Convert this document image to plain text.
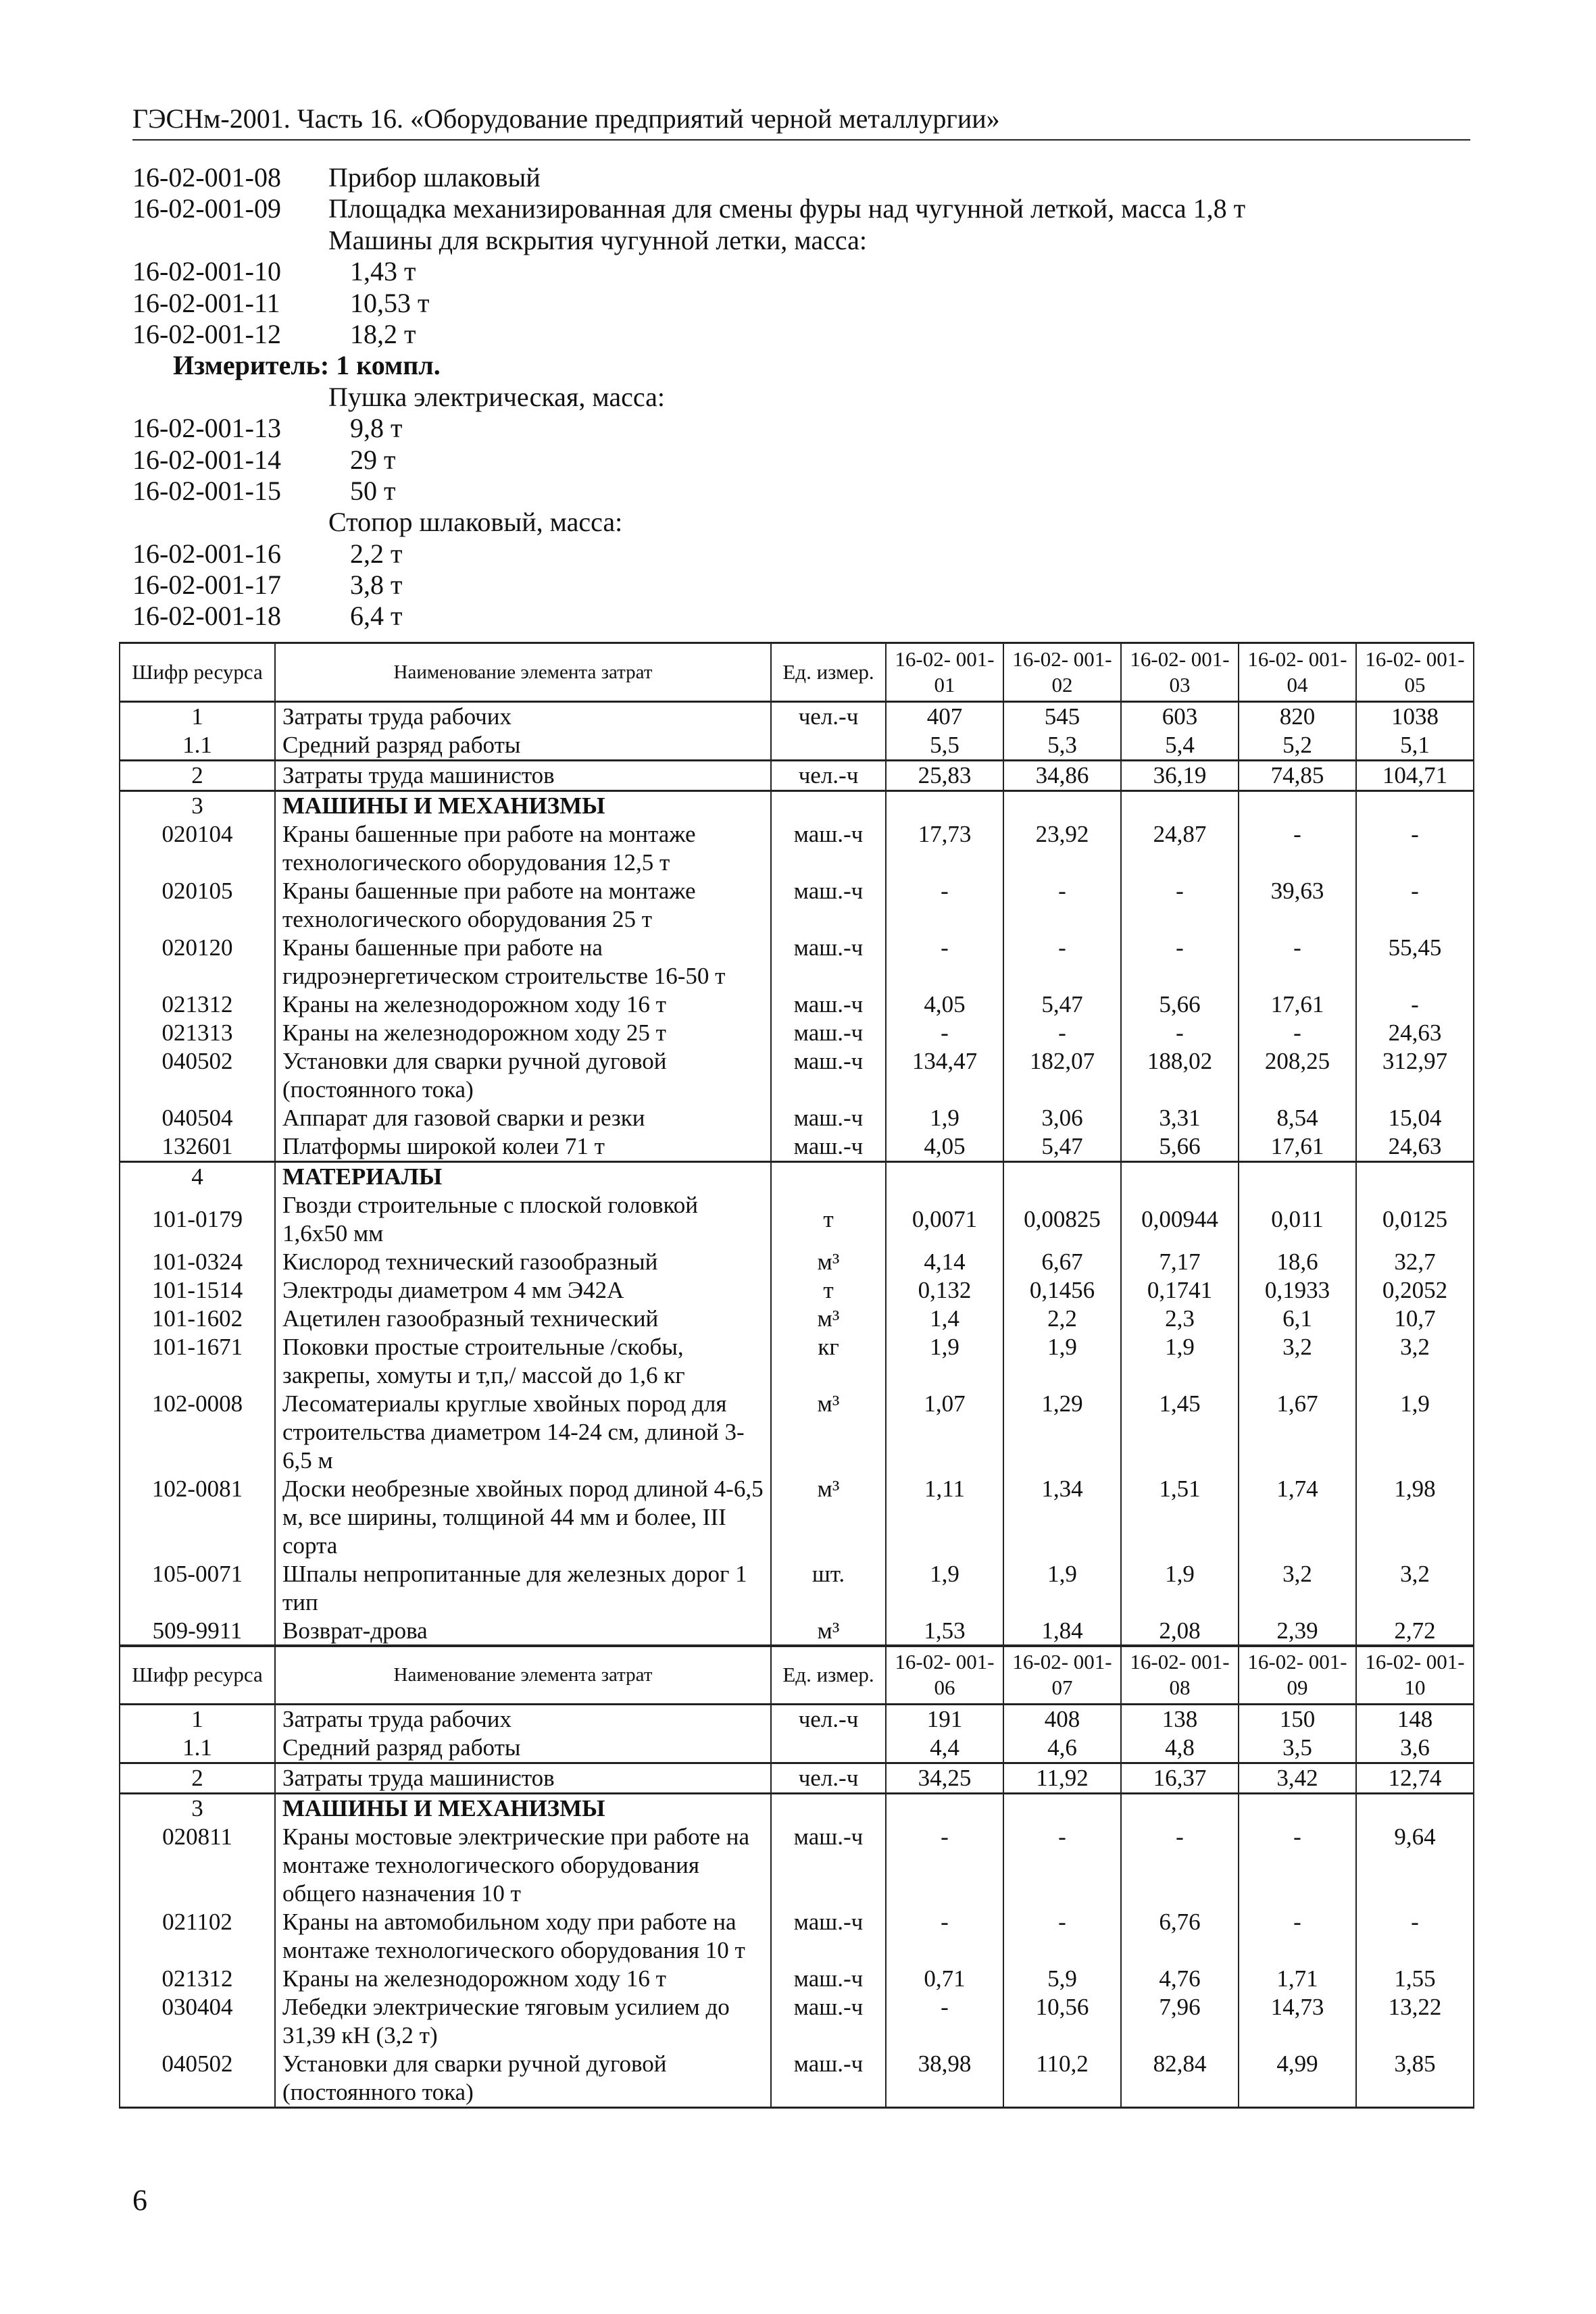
ГЭСНм-2001. Часть 16. «Оборудование предприятий черной металлургии»
16-02-001-08 Прибор шлаковый
16-02-001-09 Площадка механизированная для смены фуры над чугунной леткой, масса 1,8 т
Машины для вскрытия чугунной летки, масса:
16-02-001-10	1,43 т
16-02-001-11	10,53 т
16-02-001-12	18,2 т
Измеритель: 1 компл.
Пушка электрическая, масса:
16-02-001-13	9,8 т
16-02-001-14	29 т
16-02-001-15	50 т
Стопор шлаковый, масса:
16-02-001-16	2,2 т
16-02-001-17	3,8 т
16-02-001-18	6,4 т
Шифр ресурса	Наименование элемента затрат	Ед. измер.	16-02- 001-01	16-02- 001-02	16-02- 001-03	16-02- 001-04	16-02- 001-05
1	Затраты труда рабочих	чел.-ч	407	545	603	820	1038
1.1	Средний разряд работы		5,5	5,3	5,4	5,2	5,1
2	Затраты труда машинистов	чел.-ч	25,83	34,86	36,19	74,85	104,71
3	МАШИНЫ И МЕХАНИЗМЫ						
020104	Краны башенные при работе на монтаже технологического оборудования 12,5 т	маш.-ч	17,73	23,92	24,87	-	-
020105	Краны башенные при работе на монтаже технологического оборудования 25 т	маш.-ч	-	-	-	39,63	-
020120	Краны башенные при работе на гидроэнергетическом строительстве 16-50 т	маш.-ч	-	-	-	-	55,45
021312	Краны на железнодорожном ходу 16 т	маш.-ч	4,05	5,47	5,66	17,61	-
021313	Краны на железнодорожном ходу 25 т	маш.-ч	-	-	-	-	24,63
040502	Установки для сварки ручной дуговой (постоянного тока)	маш.-ч	134,47	182,07	188,02	208,25	312,97
040504	Аппарат для газовой сварки и резки	маш.-ч	1,9	3,06	3,31	8,54	15,04
132601	Платформы широкой колеи 71 т	маш.-ч	4,05	5,47	5,66	17,61	24,63
4	МАТЕРИАЛЫ						
101-0179	Гвозди строительные с плоской головкой 1,6х50 мм	т	0,0071	0,00825	0,00944	0,011	0,0125
101-0324	Кислород технический газообразный	м³	4,14	6,67	7,17	18,6	32,7
101-1514	Электроды диаметром 4 мм Э42А	т	0,132	0,1456	0,1741	0,1933	0,2052
101-1602	Ацетилен газообразный технический	м³	1,4	2,2	2,3	6,1	10,7
101-1671	Поковки простые строительные /скобы, закрепы, хомуты и т,п,/ массой до 1,6 кг	кг	1,9	1,9	1,9	3,2	3,2
102-0008	Лесоматериалы круглые хвойных пород для строительства диаметром 14-24 см, длиной 3-6,5 м	м³	1,07	1,29	1,45	1,67	1,9
102-0081	Доски необрезные хвойных пород длиной 4-6,5 м, все ширины, толщиной 44 мм и более, III сорта	м³	1,11	1,34	1,51	1,74	1,98
105-0071	Шпалы непропитанные для железных дорог 1 тип	шт.	1,9	1,9	1,9	3,2	3,2
509-9911	Возврат-дрова	м³	1,53	1,84	2,08	2,39	2,72
Шифр ресурса	Наименование элемента затрат	Ед. измер.	16-02- 001-06	16-02- 001-07	16-02- 001-08	16-02- 001-09	16-02- 001-10
1	Затраты труда рабочих	чел.-ч	191	408	138	150	148
1.1	Средний разряд работы		4,4	4,6	4,8	3,5	3,6
2	Затраты труда машинистов	чел.-ч	34,25	11,92	16,37	3,42	12,74
3	МАШИНЫ И МЕХАНИЗМЫ						
020811	Краны мостовые электрические при работе на монтаже технологического оборудования общего назначения 10 т	маш.-ч	-	-	-	-	9,64
021102	Краны на автомобильном ходу при работе на монтаже технологического оборудования 10 т	маш.-ч	-	-	6,76	-	-
021312	Краны на железнодорожном ходу 16 т	маш.-ч	0,71	5,9	4,76	1,71	1,55
030404	Лебедки электрические тяговым усилием до 31,39 кН (3,2 т)	маш.-ч	-	10,56	7,96	14,73	13,22
040502	Установки для сварки ручной дуговой (постоянного тока)	маш.-ч	38,98	110,2	82,84	4,99	3,85
6
